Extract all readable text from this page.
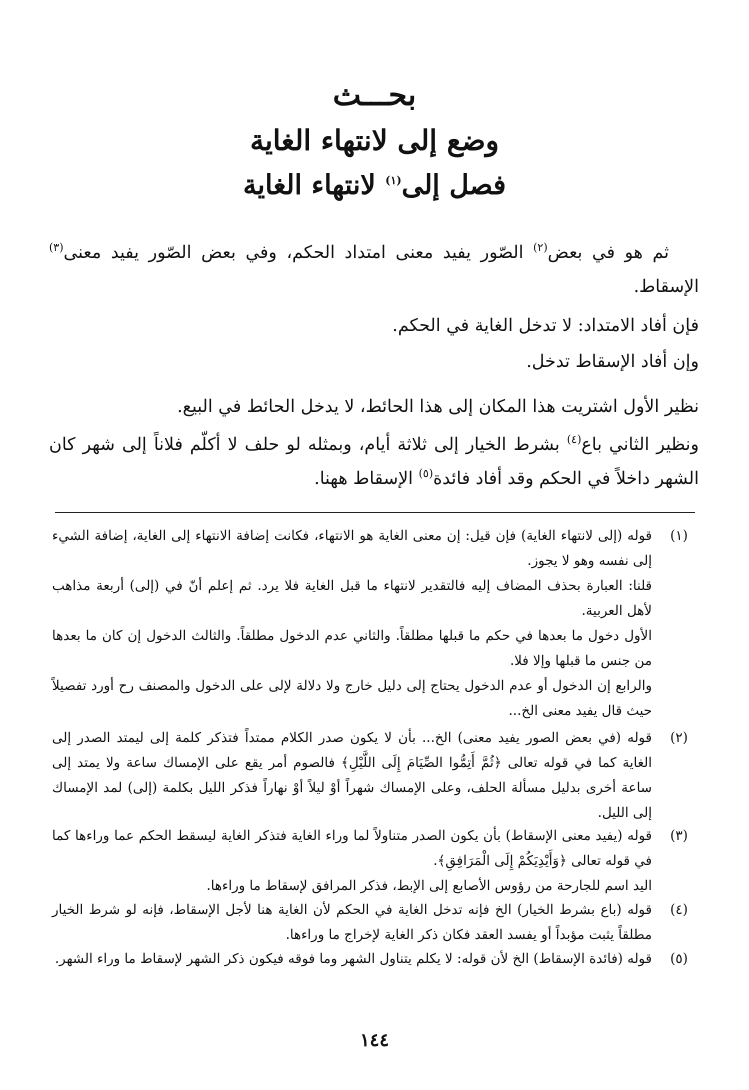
بحـــث
وضع إلى لانتهاء الغاية
فصل إلى$^{(١)}$ لانتهاء الغاية
ثم هو في بعض$^{(٢)}$ الصّور يفيد معنى امتداد الحكم، وفي بعض الصّور يفيد معنى$^{(٣)}$ الإسقاط.
فإن أفاد الامتداد: لا تدخل الغاية في الحكم.
وإن أفاد الإسقاط تدخل.
نظير الأول اشتريت هذا المكان إلى هذا الحائط، لا يدخل الحائط في البيع.
ونظير الثاني باع$^{(٤)}$ بشرط الخيار إلى ثلاثة أيام، وبمثله لو حلف لا أكلّم فلاناً إلى شهر كان الشهر داخلاً في الحكم وقد أفاد فائدة$^{(٥)}$ الإسقاط ههنا.
(١)
قوله (إلى لانتهاء الغاية) فإن قيل: إن معنى الغاية هو الانتهاء، فكانت إضافة الانتهاء إلى الغاية، إضافة الشيء إلى نفسه وهو لا يجوز.
قلنا: العبارة بحذف المضاف إليه فالتقدير لانتهاء ما قبل الغاية فلا يرد. ثم إعلم أنّ في (إلى) أربعة مذاهب لأهل العربية.
الأول دخول ما بعدها في حكم ما قبلها مطلقاً. والثاني عدم الدخول مطلقاً. والثالث الدخول إن كان ما بعدها من جنس ما قبلها وإلا فلا.
والرابع إن الدخول أو عدم الدخول يحتاج إلى دليل خارج ولا دلالة لإلى على الدخول والمصنف رح أورد تفصيلاً حيث قال يفيد معنى الخ...
(٢)
قوله (في بعض الصور يفيد معنى) الخ... بأن لا يكون صدر الكلام ممتداً فتذكر كلمة إلى ليمتد الصدر إلى الغاية كما في قوله تعالى ﴿ثُمَّ أَتِمُّوا الصِّيَامَ إِلَى اللَّيْلِ﴾ فالصوم أمر يقع على الإمساك ساعة ولا يمتد إلى ساعة أخرى بدليل مسألة الحلف، وعلى الإمساك شهراً أوْ ليلاً أوْ نهاراً فذكر الليل بكلمة (إلى) لمد الإمساك إلى الليل.
(٣)
قوله (يفيد معنى الإسقاط) بأن يكون الصدر متناولاً لما وراء الغاية فتذكر الغاية ليسقط الحكم عما وراءها كما في قوله تعالى ﴿وَأَيْدِيَكُمْ إِلَى الْمَرَافِقِ﴾.
اليد اسم للجارحة من رؤوس الأصابع إلى الإبط، فذكر المرافق لإسقاط ما وراءها.
(٤)
قوله (باع بشرط الخيار) الخ فإنه تدخل الغاية في الحكم لأن الغاية هنا لأجل الإسقاط، فإنه لو شرط الخيار مطلقاً يثبت مؤبداً أو يفسد العقد فكان ذكر الغاية لإخراج ما وراءها.
(٥)
قوله (فائدة الإسقاط) الخ لأن قوله: لا يكلم يتناول الشهر وما فوقه فيكون ذكر الشهر لإسقاط ما وراء الشهر.
١٤٤
